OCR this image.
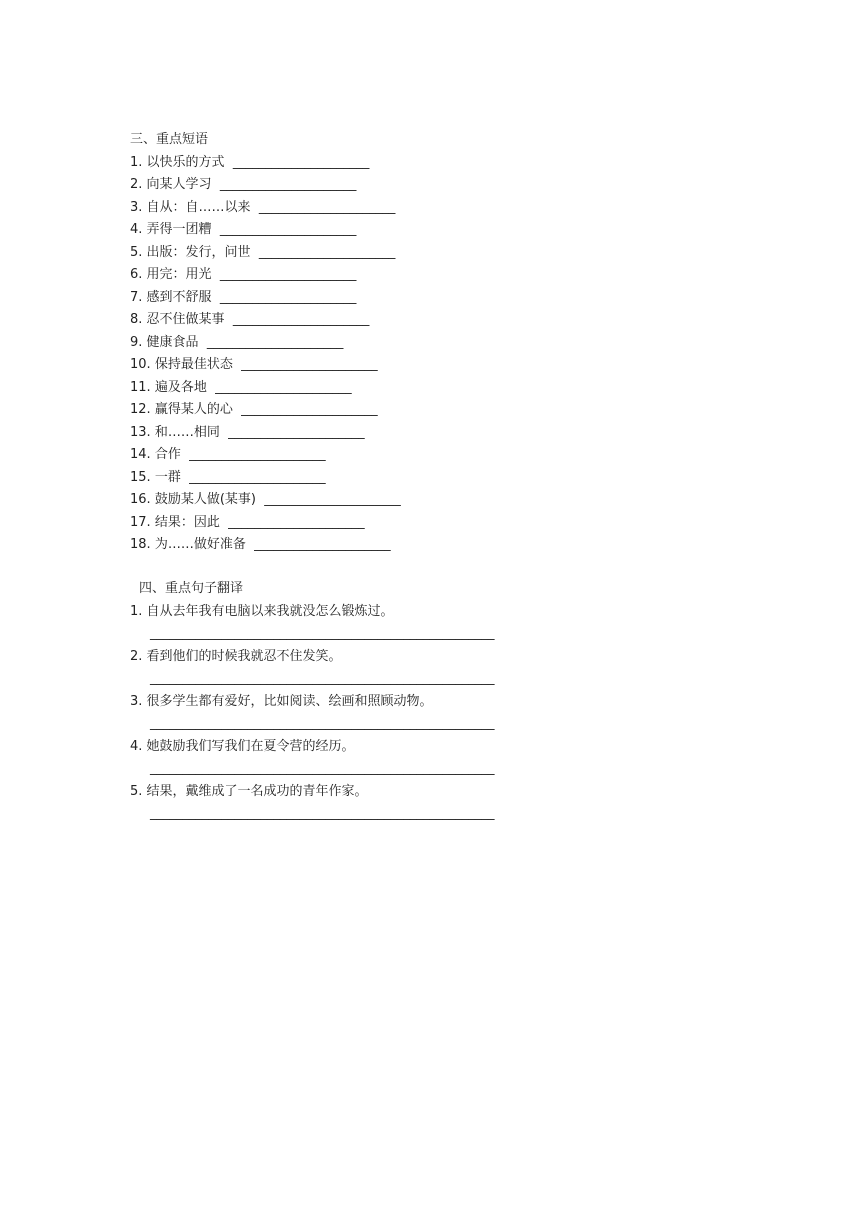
三、重点短语
1. 以快乐的方式  _____________________
2. 向某人学习  _____________________
3. 自从：自……以来  _____________________
4. 弄得一团糟  _____________________
5. 出版：发行，问世  _____________________
6. 用完：用光  _____________________
7. 感到不舒服  _____________________
8. 忍不住做某事  _____________________
9. 健康食品  _____________________
10. 保持最佳状态  _____________________
11. 遍及各地  _____________________
12. 赢得某人的心  _____________________
13. 和……相同  _____________________
14. 合作  _____________________
15. 一群  _____________________
16. 鼓励某人做(某事)  _____________________
17. 结果：因此  _____________________
18. 为……做好准备  _____________________
四、重点句子翻译
1. 自从去年我有电脑以来我就没怎么锻炼过。
_____________________________________________________
2. 看到他们的时候我就忍不住发笑。
_____________________________________________________
3. 很多学生都有爱好，比如阅读、绘画和照顾动物。
_____________________________________________________
4. 她鼓励我们写我们在夏令营的经历。
_____________________________________________________
5. 结果，戴维成了一名成功的青年作家。
_____________________________________________________
